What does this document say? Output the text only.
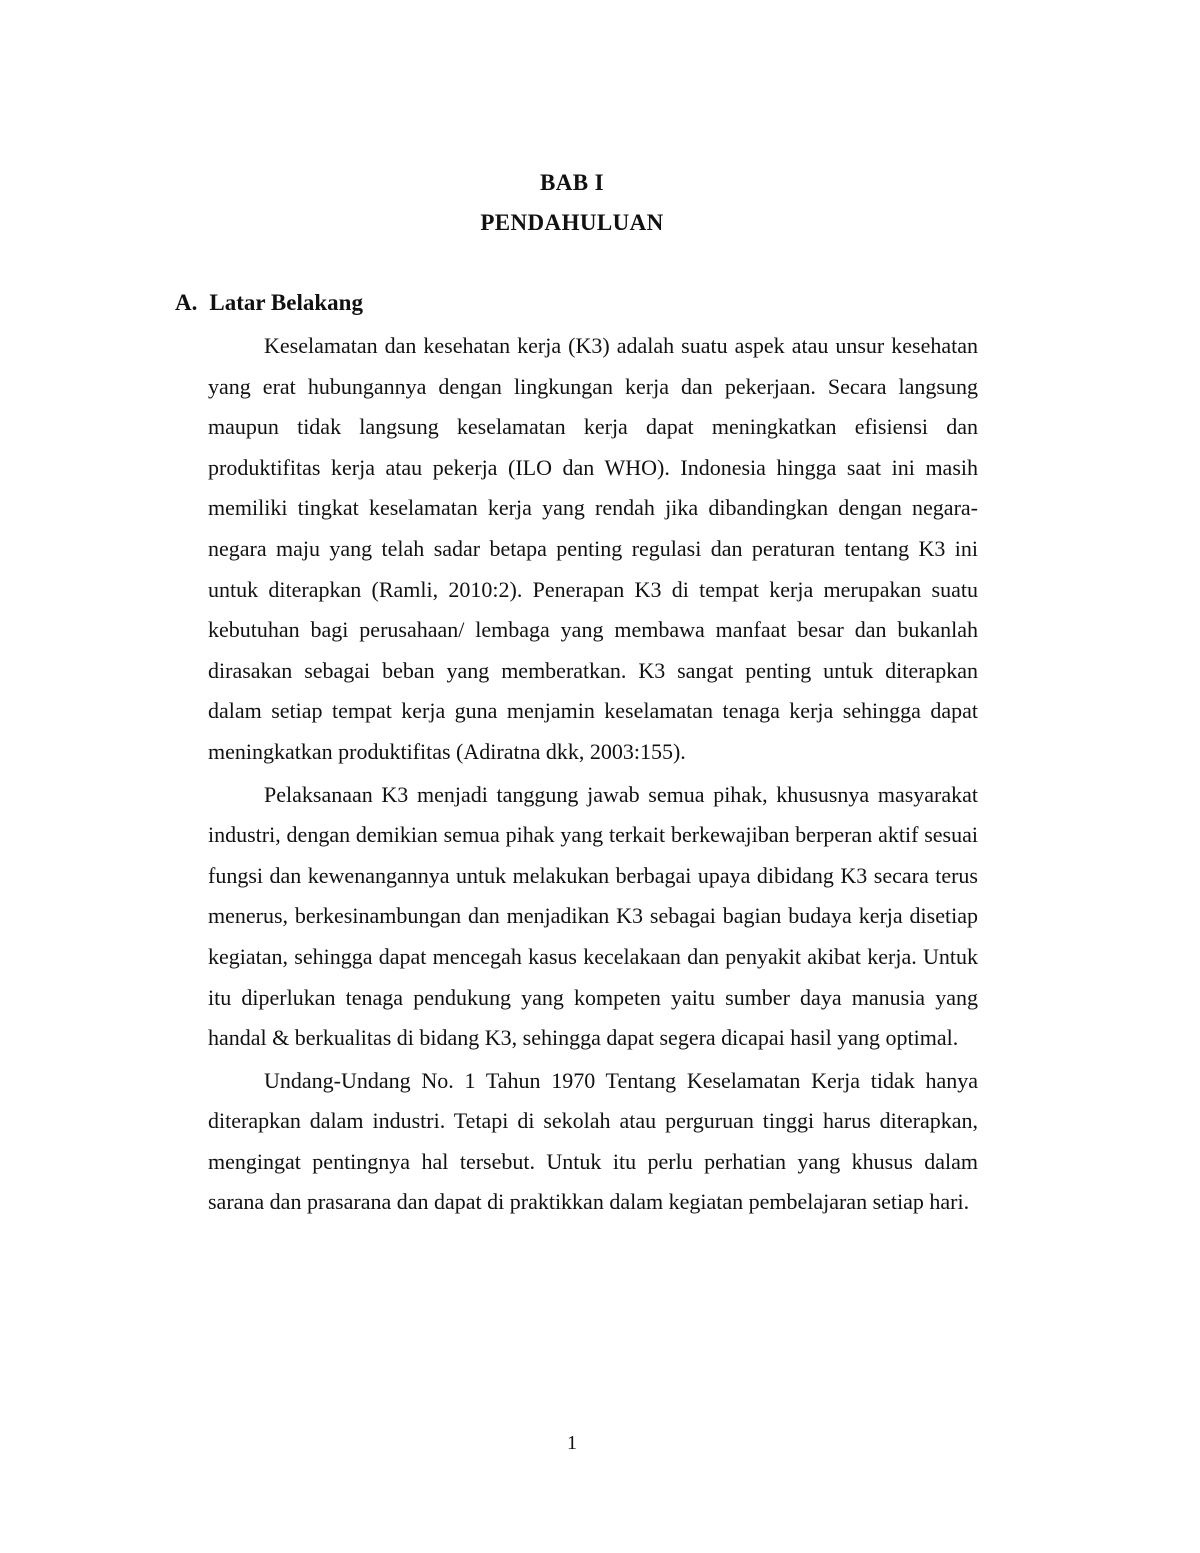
BAB I
PENDAHULUAN
A. Latar Belakang

Keselamatan dan kesehatan kerja (K3) adalah suatu aspek atau unsur kesehatan yang erat hubungannya dengan lingkungan kerja dan pekerjaan. Secara langsung maupun tidak langsung keselamatan kerja dapat meningkatkan efisiensi dan produktifitas kerja atau pekerja (ILO dan WHO). Indonesia hingga saat ini masih memiliki tingkat keselamatan kerja yang rendah jika dibandingkan dengan negara-negara maju yang telah sadar betapa penting regulasi dan peraturan tentang K3 ini untuk diterapkan (Ramli, 2010:2). Penerapan K3 di tempat kerja merupakan suatu kebutuhan bagi perusahaan/ lembaga yang membawa manfaat besar dan bukanlah dirasakan sebagai beban yang memberatkan. K3 sangat penting untuk diterapkan dalam setiap tempat kerja guna menjamin keselamatan tenaga kerja sehingga dapat meningkatkan produktifitas (Adiratna dkk, 2003:155).

Pelaksanaan K3 menjadi tanggung jawab semua pihak, khususnya masyarakat industri, dengan demikian semua pihak yang terkait berkewajiban berperan aktif sesuai fungsi dan kewenangannya untuk melakukan berbagai upaya dibidang K3 secara terus menerus, berkesinambungan dan menjadikan K3 sebagai bagian budaya kerja disetiap kegiatan, sehingga dapat mencegah kasus kecelakaan dan penyakit akibat kerja. Untuk itu diperlukan tenaga pendukung yang kompeten yaitu sumber daya manusia yang handal & berkualitas di bidang K3, sehingga dapat segera dicapai hasil yang optimal.

Undang-Undang No. 1 Tahun 1970 Tentang Keselamatan Kerja tidak hanya diterapkan dalam industri. Tetapi di sekolah atau perguruan tinggi harus diterapkan, mengingat pentingnya hal tersebut. Untuk itu perlu perhatian yang khusus dalam sarana dan prasarana dan dapat di praktikkan dalam kegiatan pembelajaran setiap hari.

1
